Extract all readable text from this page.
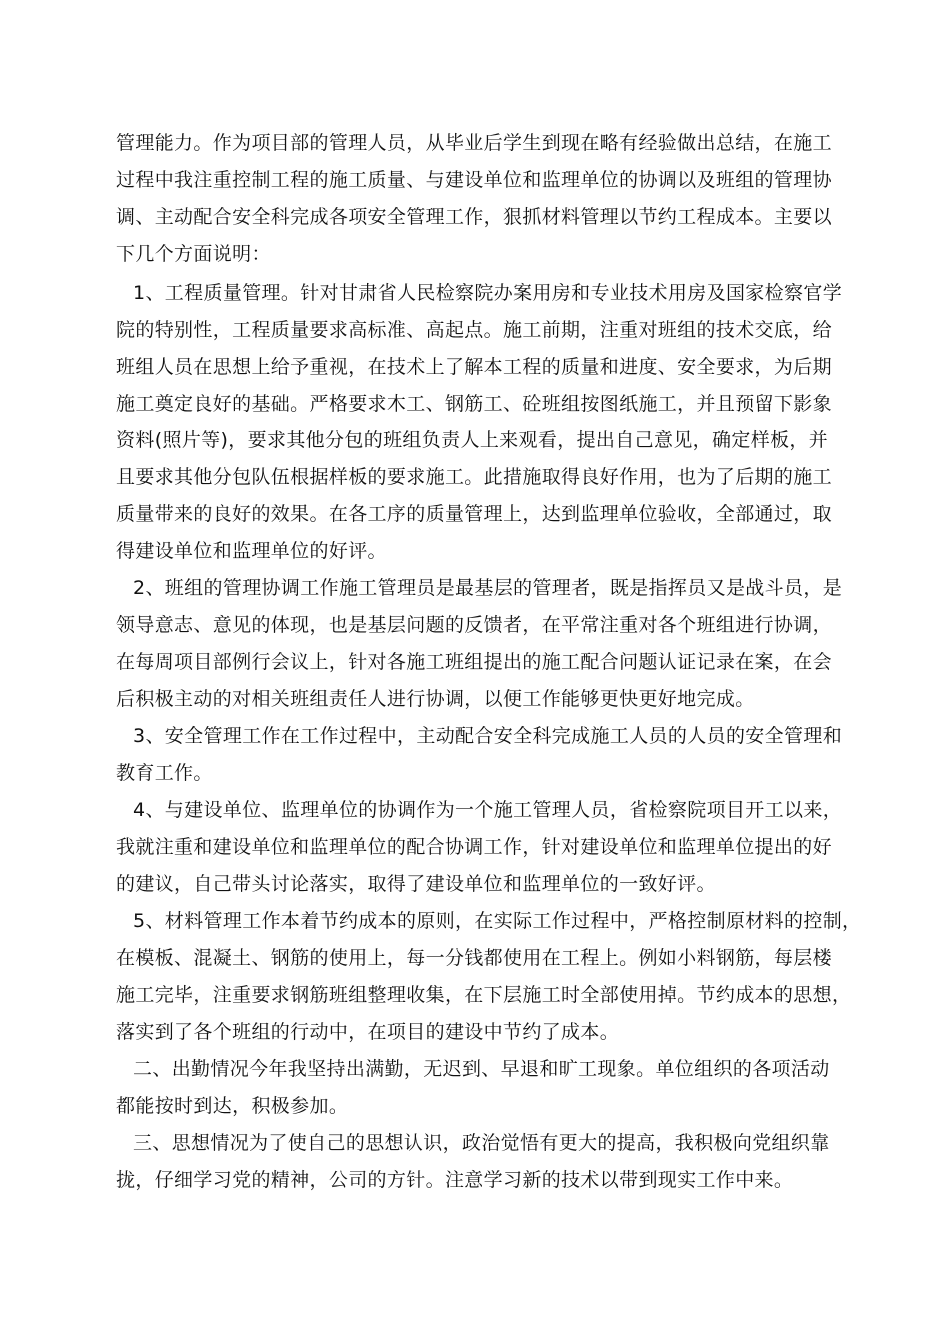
管理能力。作为项目部的管理人员，从毕业后学生到现在略有经验做出总结，在施工
过程中我注重控制工程的施工质量、与建设单位和监理单位的协调以及班组的管理协
调、主动配合安全科完成各项安全管理工作，狠抓材料管理以节约工程成本。主要以
下几个方面说明：
1、工程质量管理。针对甘肃省人民检察院办案用房和专业技术用房及国家检察官学
院的特别性，工程质量要求高标准、高起点。施工前期，注重对班组的技术交底，给
班组人员在思想上给予重视，在技术上了解本工程的质量和进度、安全要求，为后期
施工奠定良好的基础。严格要求木工、钢筋工、砼班组按图纸施工，并且预留下影象
资料(照片等)，要求其他分包的班组负责人上来观看，提出自己意见，确定样板，并
且要求其他分包队伍根据样板的要求施工。此措施取得良好作用，也为了后期的施工
质量带来的良好的效果。在各工序的质量管理上，达到监理单位验收，全部通过，取
得建设单位和监理单位的好评。
2、班组的管理协调工作施工管理员是最基层的管理者，既是指挥员又是战斗员，是
领导意志、意见的体现，也是基层问题的反馈者，在平常注重对各个班组进行协调，
在每周项目部例行会议上，针对各施工班组提出的施工配合问题认证记录在案，在会
后积极主动的对相关班组责任人进行协调，以便工作能够更快更好地完成。
3、安全管理工作在工作过程中，主动配合安全科完成施工人员的人员的安全管理和
教育工作。
4、与建设单位、监理单位的协调作为一个施工管理人员，省检察院项目开工以来，
我就注重和建设单位和监理单位的配合协调工作，针对建设单位和监理单位提出的好
的建议，自己带头讨论落实，取得了建设单位和监理单位的一致好评。
5、材料管理工作本着节约成本的原则，在实际工作过程中，严格控制原材料的控制，
在模板、混凝土、钢筋的使用上，每一分钱都使用在工程上。例如小料钢筋，每层楼
施工完毕，注重要求钢筋班组整理收集，在下层施工时全部使用掉。节约成本的思想，
落实到了各个班组的行动中，在项目的建设中节约了成本。
二、出勤情况今年我坚持出满勤，无迟到、早退和旷工现象。单位组织的各项活动
都能按时到达，积极参加。
三、思想情况为了使自己的思想认识，政治觉悟有更大的提高，我积极向党组织靠
拢，仔细学习党的精神，公司的方针。注意学习新的技术以带到现实工作中来。
